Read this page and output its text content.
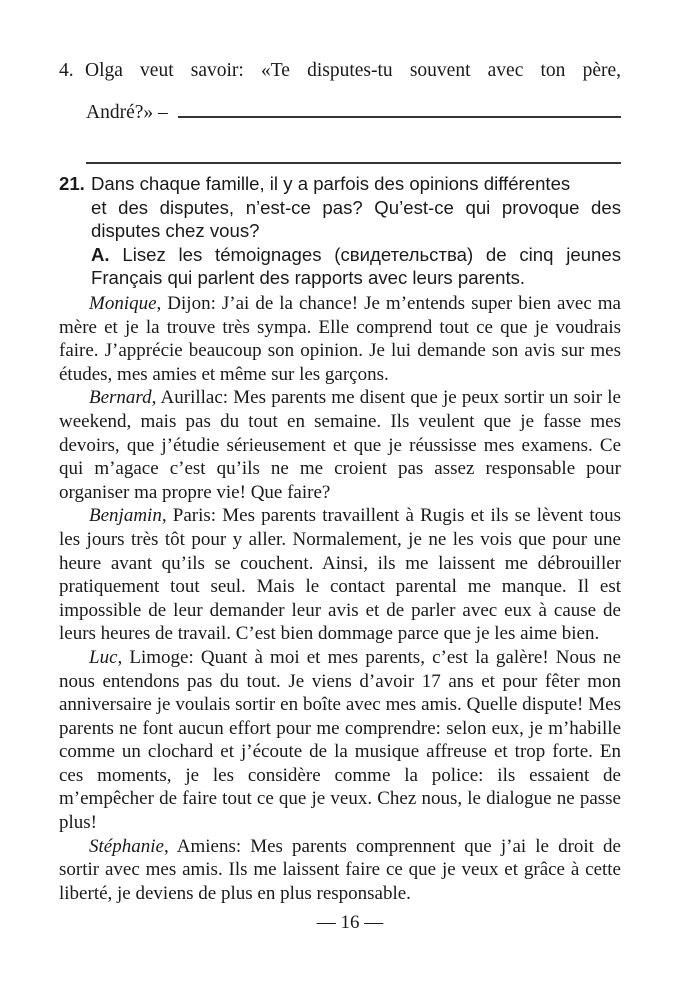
4. Olga veut savoir: «Te disputes-tu souvent avec ton père,
André?» –
21. Dans chaque famille, il y a parfois des opinions différentes
et des disputes, n’est-ce pas? Qu’est-ce qui provoque des disputes chez vous?
A. Lisez les témoignages (свидетельства) de cinq jeunes Français qui parlent des rapports avec leurs parents.

Monique, Dijon: J’ai de la chance! Je m’entends super bien avec ma mère et je la trouve très sympa. Elle comprend tout ce que je voudrais faire. J’apprécie beaucoup son opinion. Je lui demande son avis sur mes études, mes amies et même sur les garçons.

Bernard, Aurillac: Mes parents me disent que je peux sortir un soir le weekend, mais pas du tout en semaine. Ils veulent que je fasse mes devoirs, que j’étudie sérieusement et que je réussisse mes examens. Ce qui m’agace c’est qu’ils ne me croient pas assez responsable pour organiser ma propre vie! Que faire?

Benjamin, Paris: Mes parents travaillent à Rugis et ils se lèvent tous les jours très tôt pour y aller. Normalement, je ne les vois que pour une heure avant qu’ils se couchent. Ainsi, ils me laissent me débrouiller pratiquement tout seul. Mais le contact parental me manque. Il est impossible de leur demander leur avis et de parler avec eux à cause de leurs heures de travail. C’est bien dommage parce que je les aime bien.

Luc, Limoge: Quant à moi et mes parents, c’est la galère! Nous ne nous entendons pas du tout. Je viens d’avoir 17 ans et pour fêter mon anniversaire je voulais sortir en boîte avec mes amis. Quelle dispute! Mes parents ne font aucun effort pour me comprendre: selon eux, je m’habille comme un clochard et j’écoute de la musique affreuse et trop forte. En ces moments, je les considère comme la police: ils essaient de m’empêcher de faire tout ce que je veux. Chez nous, le dialogue ne passe plus!

Stéphanie, Amiens: Mes parents comprennent que j’ai le droit de sortir avec mes amis. Ils me laissent faire ce que je veux et grâce à cette liberté, je deviens de plus en plus responsable.

— 16 —
